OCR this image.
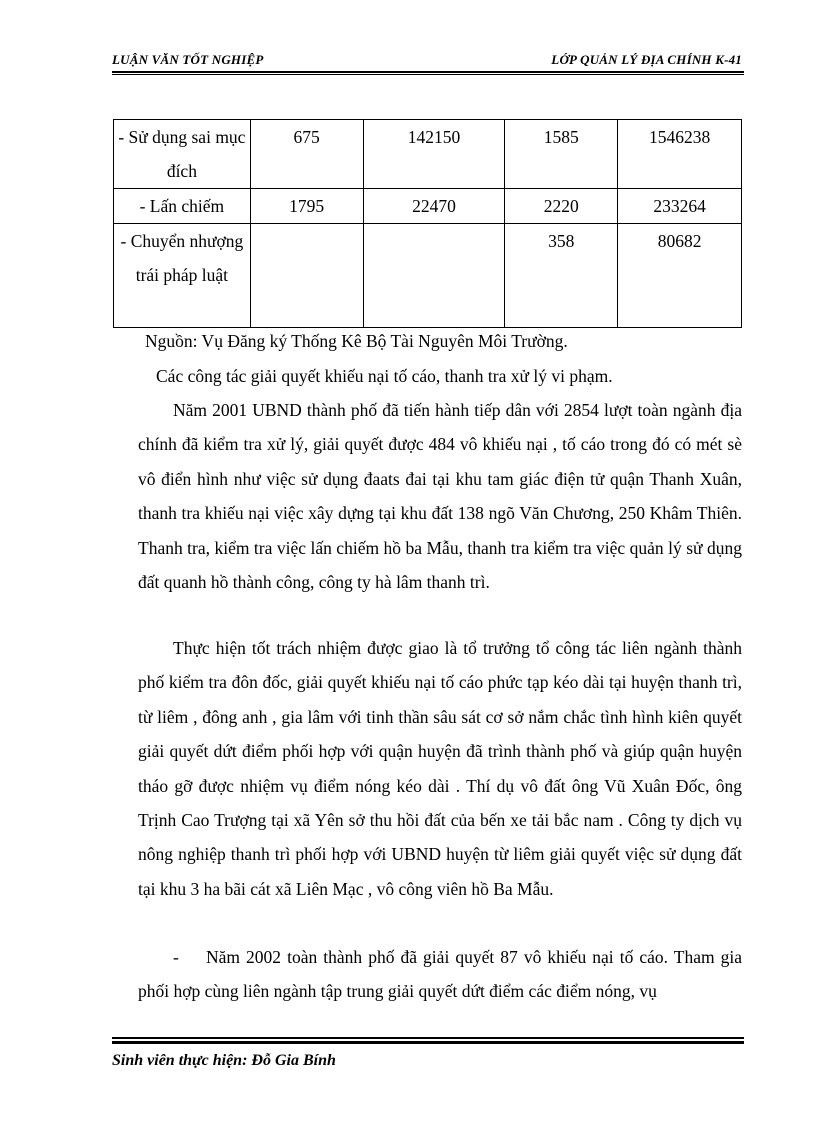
LUẬN VĂN TỐT NGHIỆP	LỚP QUẢN LÝ ĐỊA CHÍNH K-41
- Sử dụng sai mục đích	675	142150	1585	1546238
- Lấn chiếm	1795	22470	2220	233264
- Chuyển nhượng trái pháp luật			358	80682
Nguồn: Vụ Đăng ký Thống Kê Bộ Tài Nguyên Môi Trường.
Các công tác giải quyết khiếu nại tố cáo, thanh tra xử lý vi phạm.
Năm 2001 UBND thành phố đã tiến hành tiếp dân với 2854 lượt toàn ngành địa chính đã kiểm tra xử lý, giải quyết được 484 vô khiếu nại , tố cáo trong đó có mét sè vô điển hình như việc sử dụng đaats đai tại khu tam giác điện tử quận Thanh Xuân, thanh tra khiếu nại việc xây dựng tại khu đất 138 ngõ Văn Chương, 250 Khâm Thiên. Thanh tra, kiểm tra việc lấn chiếm hồ ba Mẫu, thanh tra kiểm tra việc quản lý sử dụng đất quanh hồ thành công, công ty hà lâm thanh trì.
Thực hiện tốt trách nhiệm được giao là tổ trưởng tổ công tác liên ngành thành phố kiểm tra đôn đốc, giải quyết khiếu nại tố cáo phức tạp kéo dài tại huyện thanh trì, từ liêm , đông anh , gia lâm với tinh thần sâu sát cơ sở nắm chắc tình hình kiên quyết giải quyết dứt điểm phối hợp với quận huyện đã trình thành phố và giúp quận huyện tháo gỡ được nhiệm vụ điểm nóng kéo dài . Thí dụ vô đất ông Vũ Xuân Đốc, ông Trịnh Cao Trượng tại xã Yên sở thu hồi đất của bến xe tải bắc nam . Công ty dịch vụ nông nghiệp thanh trì phối hợp với UBND huyện từ liêm giải quyết việc sử dụng đất tại khu 3 ha bãi cát xã Liên Mạc , vô công viên hồ Ba Mẫu.
- Năm 2002 toàn thành phố đã giải quyết 87 vô khiếu nại tố cáo. Tham gia phối hợp cùng liên ngành tập trung giải quyết dứt điểm các điểm nóng, vụ
Sinh viên thực hiện: Đỗ Gia Bính
